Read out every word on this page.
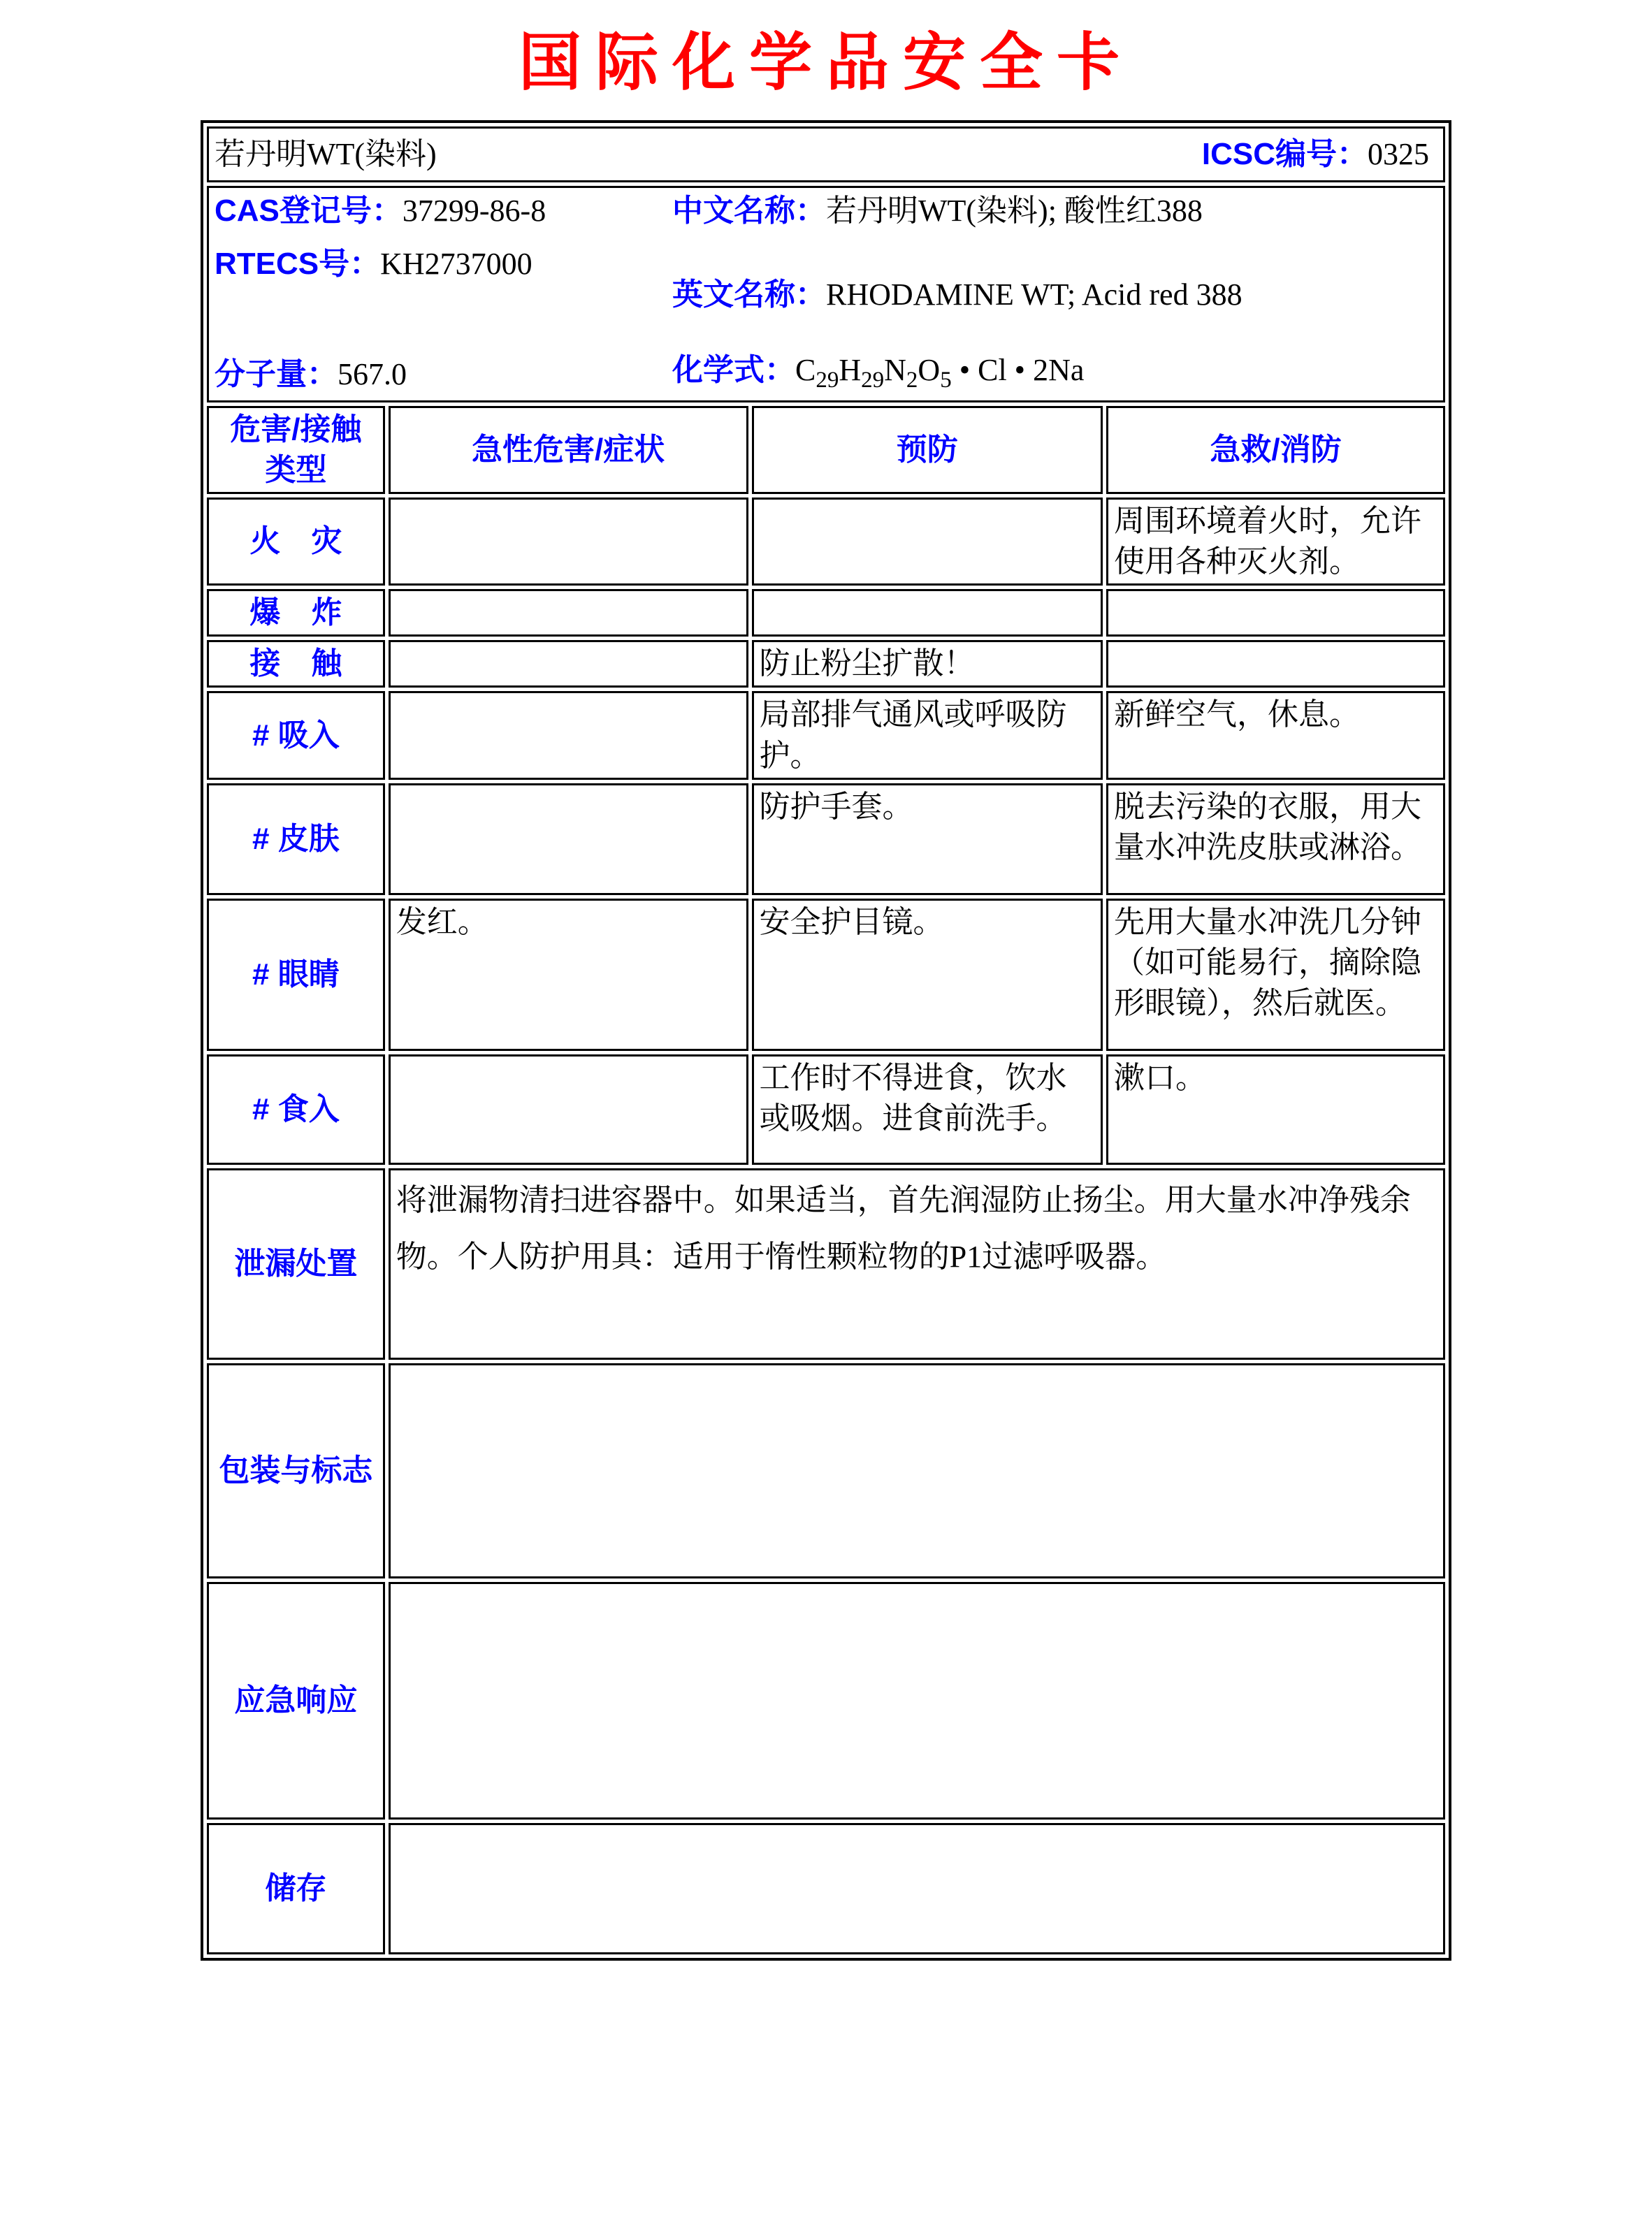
国际化学品安全卡
若丹明WT(染料) ICSC编号：0325			

CAS登记号：37299-86-8
RTECS号：KH2737000
分子量：567.0
中文名称：若丹明WT(染料); 酸性红388
英文名称：RHODAMINE WT; Acid red 388
化学式：$C_{29}H_{29}N_2O_5$ • Cl • 2Na

危害/接触
类型	急性危害/症状	预防	急救/消防
火　灾			周围环境着火时，允许使用各种灭火剂。
爆　炸			
接　触		防止粉尘扩散！	
# 吸入		局部排气通风或呼吸防护。	新鲜空气，休息。
# 皮肤		防护手套。	脱去污染的衣服，用大量水冲洗皮肤或淋浴。
# 眼睛	发红。	安全护目镜。	先用大量水冲洗几分钟（如可能易行，摘除隐形眼镜），然后就医。
# 食入		工作时不得进食，饮水或吸烟。进食前洗手。	漱口。
泄漏处置	将泄漏物清扫进容器中。如果适当，首先润湿防止扬尘。用大量水冲净残余物。个人防护用具：适用于惰性颗粒物的P1过滤呼吸器。		
包装与标志			
应急响应			
储存			
